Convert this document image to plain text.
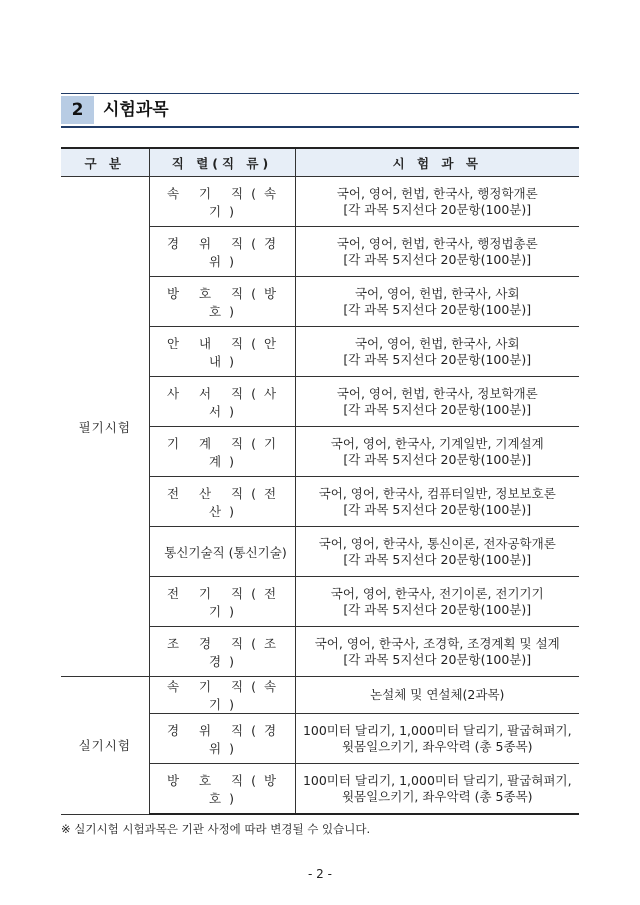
2	시험과목
구 분	직 렬(직 류)	시 험 과 목
필기시험	속 기 직(속 기)	국어, 영어, 헌법, 한국사, 행정학개론
[각 과목 5지선다 20문항(100분)]

	경 위 직(경 위)	국어, 영어, 헌법, 한국사, 행정법총론
[각 과목 5지선다 20문항(100분)]

	방 호 직(방 호)	국어, 영어, 헌법, 한국사, 사회
[각 과목 5지선다 20문항(100분)]

	안 내 직(안 내)	국어, 영어, 헌법, 한국사, 사회
[각 과목 5지선다 20문항(100분)]

	사 서 직(사 서)	국어, 영어, 헌법, 한국사, 정보학개론
[각 과목 5지선다 20문항(100분)]

	기 계 직(기 계)	국어, 영어, 한국사, 기계일반, 기계설계
[각 과목 5지선다 20문항(100분)]

	전 산 직(전 산)	국어, 영어, 한국사, 컴퓨터일반, 정보보호론
[각 과목 5지선다 20문항(100분)]

	통신기술직 (통신기술)	국어, 영어, 한국사, 통신이론, 전자공학개론
[각 과목 5지선다 20문항(100분)]

	전 기 직(전 기)	국어, 영어, 한국사, 전기이론, 전기기기
[각 과목 5지선다 20문항(100분)]

	조 경 직(조 경)	국어, 영어, 한국사, 조경학, 조경계획 및 설계
[각 과목 5지선다 20문항(100분)]

실기시험	속 기 직(속 기)	논설체 및 연설체(2과목)

	경 위 직(경 위)	100미터 달리기, 1,000미터 달리기, 팔굽혀펴기,
윗몸일으키기, 좌우악력 (총 5종목)

	방 호 직(방 호)	100미터 달리기, 1,000미터 달리기, 팔굽혀펴기,
윗몸일으키기, 좌우악력 (총 5종목)
※ 실기시험 시험과목은 기관 사정에 따라 변경될 수 있습니다.
- 2 -
